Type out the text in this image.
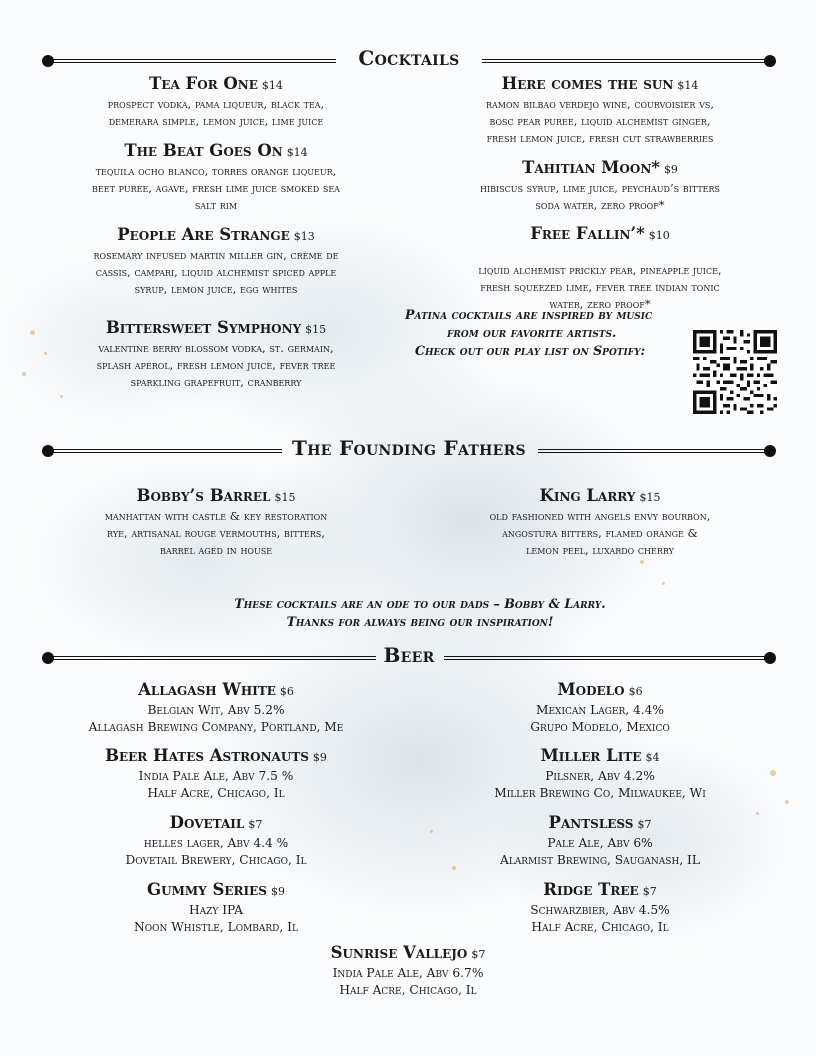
Cocktails
Tea For One $14
prospect vodka, pama liqueur, black tea,
demerara simple, lemon juice, lime juice
The Beat Goes On $14
tequila ocho blanco, torres orange liqueur,
beet puree, agave, fresh lime juice smoked sea
salt rim
People Are Strange $13
rosemary infused martin miller gin, crème de
cassis, campari, liquid alchemist spiced apple
syrup, lemon juice, egg whites
Bittersweet Symphony $15
valentine berry blossom vodka, st. germain,
splash aperol, fresh lemon juice, fever tree
sparkling grapefruit, cranberry
Here comes the sun $14
ramon bilbao verdejo wine, courvoisier vs,
bosc pear puree, liquid alchemist ginger,
fresh lemon juice, fresh cut strawberries
Tahitian Moon* $9
hibiscus syrup, lime juice, peychaud’s bitters
soda water, zero proof*
Free Fallin’* $10
liquid alchemist prickly pear, pineapple juice,
fresh squeezed lime, fever tree indian tonic
water, zero proof*
Patina cocktails are inspired by music
from our favorite artists.
Check out our play list on Spotify:
The Founding Fathers
Bobby’s Barrel $15
manhattan with castle & key restoration
rye, artisanal rouge vermouths, bitters,
barrel aged in house
King Larry $15
old fashioned with angels envy bourbon,
angostura bitters, flamed orange &
lemon peel, luxardo cherry
These cocktails are an ode to our dads – Bobby & Larry.
Thanks for always being our inspiration!
Beer
Allagash White $6
Belgian Wit, Abv 5.2%
Allagash Brewing Company, Portland, Me
Beer Hates Astronauts $9
India Pale Ale, Abv 7.5 %
Half Acre, Chicago, Il
Dovetail $7
helles lager, Abv 4.4 %
Dovetail Brewery, Chicago, Il
Gummy Series $9
Hazy IPA
Noon Whistle, Lombard, Il
Modelo $6
Mexican Lager, 4.4%
Grupo Modelo, Mexico
Miller Lite $4
Pilsner, Abv 4.2%
Miller Brewing Co, Milwaukee, Wi
Pantsless $7
Pale Ale, Abv 6%
Alarmist Brewing, Sauganash, IL
Ridge Tree $7
Schwarzbier, Abv 4.5%
Half Acre, Chicago, Il
Sunrise Vallejo $7
India Pale Ale, Abv 6.7%
Half Acre, Chicago, Il
